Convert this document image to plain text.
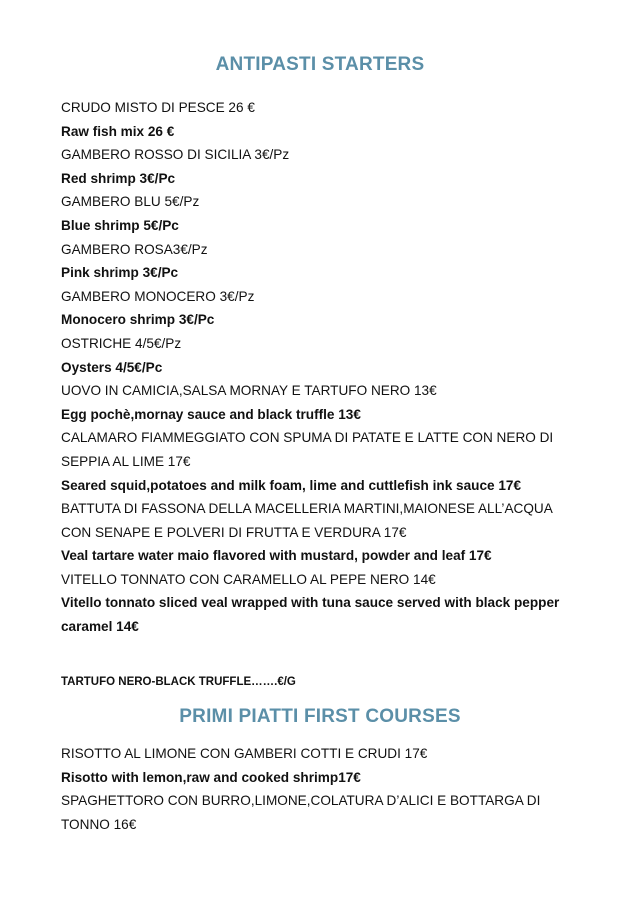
ANTIPASTI STARTERS
CRUDO MISTO DI PESCE 26 €
Raw fish mix 26 €
GAMBERO ROSSO DI SICILIA 3€/Pz
Red shrimp 3€/Pc
GAMBERO BLU 5€/Pz
Blue shrimp 5€/Pc
GAMBERO ROSA3€/Pz
Pink shrimp 3€/Pc
GAMBERO MONOCERO 3€/Pz
Monocero shrimp 3€/Pc
OSTRICHE 4/5€/Pz
Oysters 4/5€/Pc
UOVO IN CAMICIA,SALSA MORNAY E TARTUFO NERO 13€
Egg pochè,mornay sauce and black truffle 13€
CALAMARO FIAMMEGGIATO CON SPUMA DI PATATE E LATTE CON NERO DI
SEPPIA AL LIME 17€
Seared squid,potatoes and milk foam, lime and cuttlefish ink sauce 17€
BATTUTA DI FASSONA DELLA MACELLERIA MARTINI,MAIONESE ALL’ACQUA
CON SENAPE E POLVERI DI FRUTTA E VERDURA 17€
Veal tartare water maio flavored with mustard, powder and leaf 17€
VITELLO TONNATO CON CARAMELLO AL PEPE NERO 14€
Vitello tonnato sliced veal wrapped with tuna sauce served with black pepper
caramel 14€
TARTUFO NERO-BLACK TRUFFLE…….€/G
PRIMI PIATTI FIRST COURSES
RISOTTO AL LIMONE CON GAMBERI COTTI E CRUDI 17€
Risotto with lemon,raw and cooked shrimp17€
SPAGHETTORO CON BURRO,LIMONE,COLATURA D’ALICI E BOTTARGA DI
TONNO 16€
